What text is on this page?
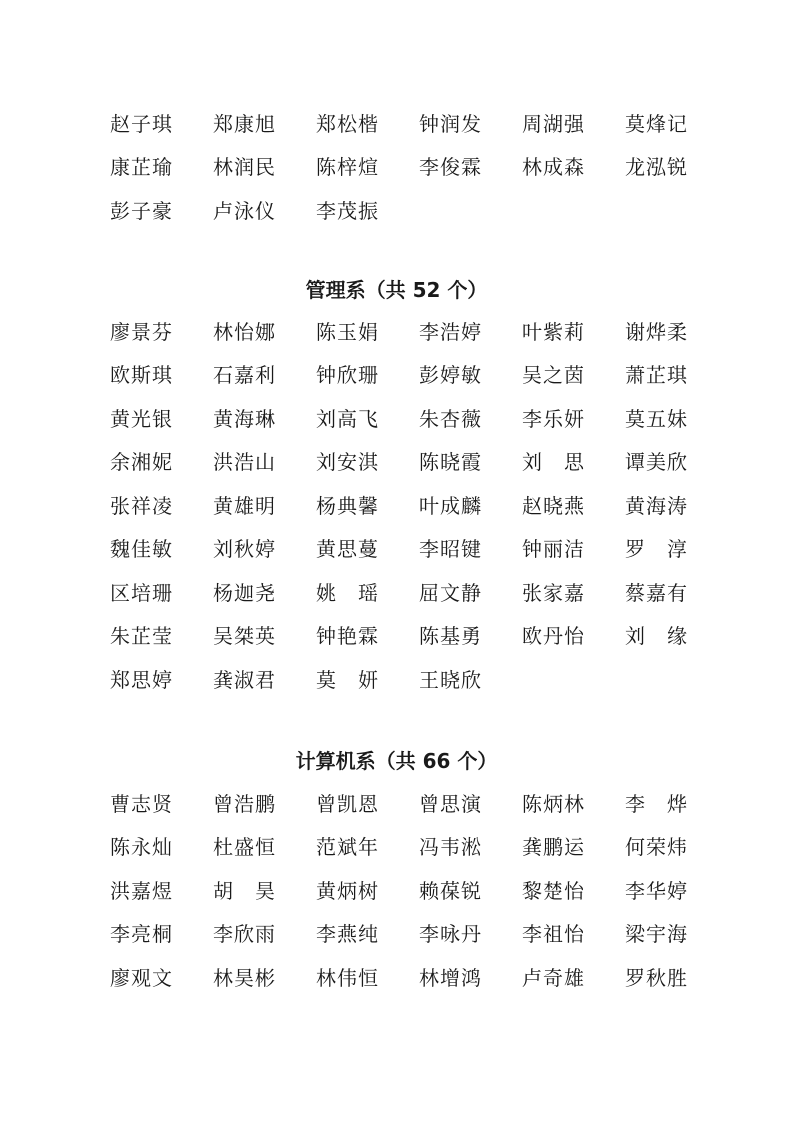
赵子琪	郑康旭	郑松楷	钟润发	周湖强	莫烽记
康芷瑜	林润民	陈梓煊	李俊霖	林成森	龙泓锐
彭子豪	卢泳仪	李茂振
管理系（共 52 个）
廖景芬	林怡娜	陈玉娟	李浩婷	叶紫莉	谢烨柔
欧斯琪	石嘉利	钟欣珊	彭婷敏	吴之茵	萧芷琪
黄光银	黄海琳	刘高飞	朱杏薇	李乐妍	莫五妹
余湘妮	洪浩山	刘安淇	陈晓霞	刘　思	谭美欣
张祥凌	黄雄明	杨典馨	叶成麟	赵晓燕	黄海涛
魏佳敏	刘秋婷	黄思蔓	李昭键	钟丽洁	罗　淳
区培珊	杨迦尧	姚　瑶	屈文静	张家嘉	蔡嘉有
朱芷莹	吴桀英	钟艳霖	陈基勇	欧丹怡	刘　缘
郑思婷	龚淑君	莫　妍	王晓欣
计算机系（共 66 个）
曹志贤	曾浩鹏	曾凯恩	曾思演	陈炳林	李　烨
陈永灿	杜盛恒	范斌年	冯韦淞	龚鹏运	何荣炜
洪嘉煜	胡　昊	黄炳树	赖葆锐	黎楚怡	李华婷
李亮桐	李欣雨	李燕纯	李咏丹	李祖怡	梁宇海
廖观文	林昊彬	林伟恒	林增鸿	卢奇雄	罗秋胜
